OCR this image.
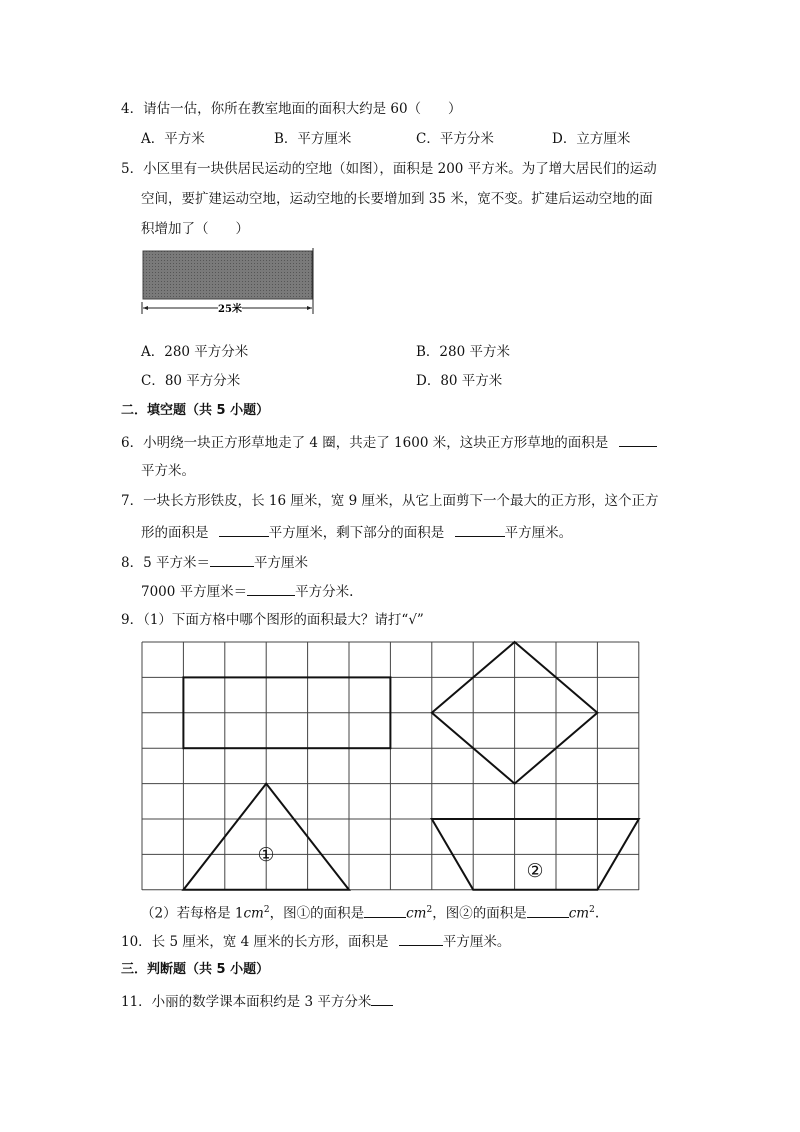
4．请估一估，你所在教室地面的面积大约是 60（　　）
A．平方米	B．平方厘米	C．平方分米	D．立方厘米
5．小区里有一块供居民运动的空地（如图），面积是 200 平方米。为了增大居民们的运动
空间，要扩建运动空地，运动空地的长要增加到 35 米，宽不变。扩建后运动空地的面
积增加了（　　）
25米
A．280 平方分米	B．280 平方米
C．80 平方分米	D．80 平方米
二．填空题（共 5 小题）
6．小明绕一块正方形草地走了 4 圈，共走了 1600 米，这块正方形草地的面积是
平方米。
7．一块长方形铁皮，长 16 厘米，宽 9 厘米，从它上面剪下一个最大的正方形，这个正方
形的面积是	平方厘米，剩下部分的面积是	平方厘米。
8．5 平方米＝	平方厘米
7000 平方厘米＝	平方分米.
9．（1）下面方格中哪个图形的面积最大？请打“√”
①
②
（2）若每格是 $1cm^2$，图①的面积是	$cm^2$，图②的面积是	$cm^2$.
10．长 5 厘米，宽 4 厘米的长方形，面积是	平方厘米。
三．判断题（共 5 小题）
11．小丽的数学课本面积约是 3 平方分米
